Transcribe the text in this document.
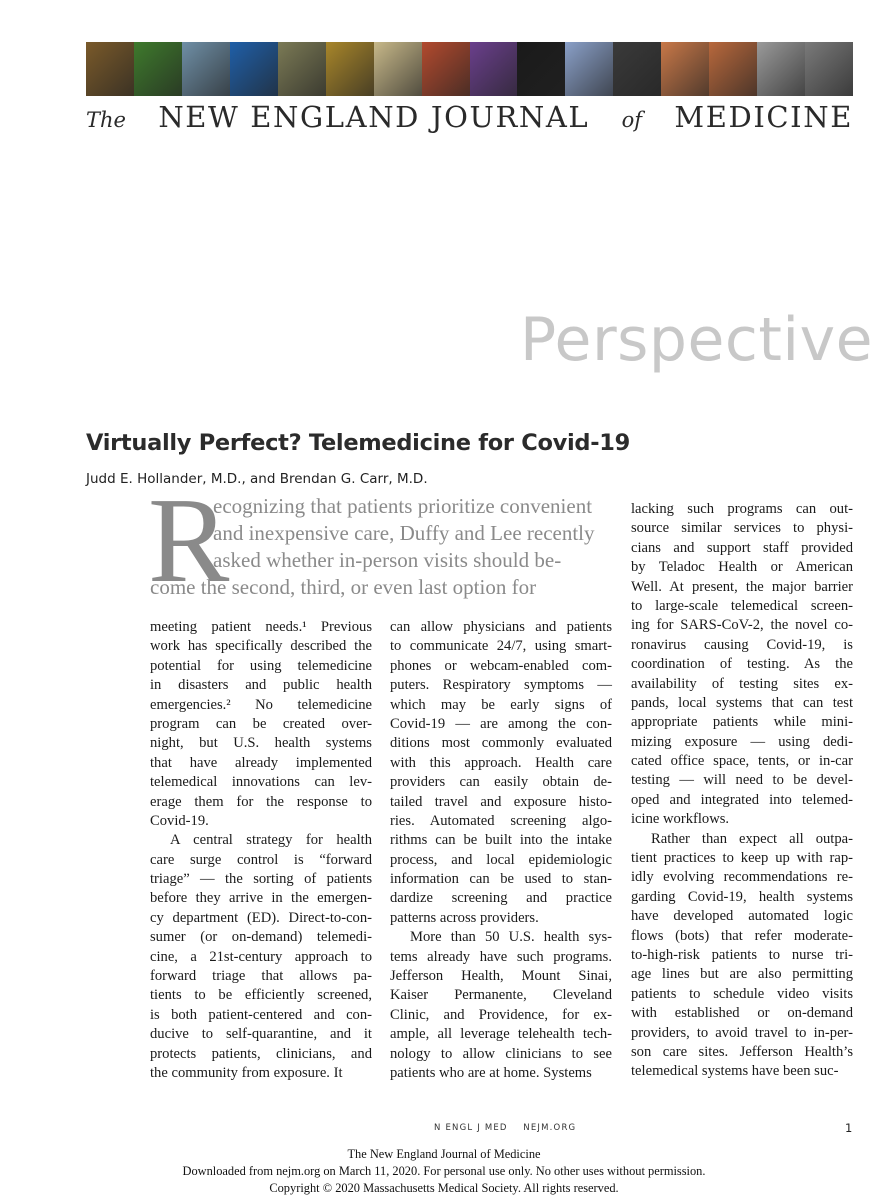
The NEW ENGLAND JOURNAL of MEDICINE
Perspective
Virtually Perfect? Telemedicine for Covid-19
Judd E. Hollander, M.D., and Brendan G. Carr, M.D.
R
ecognizing that patients prioritize convenient
and inexpensive care, Duffy and Lee recently
asked whether in-person visits should be-
come the second, third, or even last option for
meeting patient needs.¹ Previous
work has specifically described the
potential for using telemedicine
in disasters and public health
emergencies.² No telemedicine
program can be created over-
night, but U.S. health systems
that have already implemented
telemedical innovations can lev-
erage them for the response to
Covid-19.
A central strategy for health
care surge control is “forward
triage” — the sorting of patients
before they arrive in the emergen-
cy department (ED). Direct-to-con-
sumer (or on-demand) telemedi-
cine, a 21st-century approach to
forward triage that allows pa-
tients to be efficiently screened,
is both patient-centered and con-
ducive to self-quarantine, and it
protects patients, clinicians, and
the community from exposure. It
can allow physicians and patients
to communicate 24/7, using smart-
phones or webcam-enabled com-
puters. Respiratory symptoms —
which may be early signs of
Covid-19 — are among the con-
ditions most commonly evaluated
with this approach. Health care
providers can easily obtain de-
tailed travel and exposure histo-
ries. Automated screening algo-
rithms can be built into the intake
process, and local epidemiologic
information can be used to stan-
dardize screening and practice
patterns across providers.
More than 50 U.S. health sys-
tems already have such programs.
Jefferson Health, Mount Sinai,
Kaiser Permanente, Cleveland
Clinic, and Providence, for ex-
ample, all leverage telehealth tech-
nology to allow clinicians to see
patients who are at home. Systems
lacking such programs can out-
source similar services to physi-
cians and support staff provided
by Teladoc Health or American
Well. At present, the major barrier
to large-scale telemedical screen-
ing for SARS-CoV-2, the novel co-
ronavirus causing Covid-19, is
coordination of testing. As the
availability of testing sites ex-
pands, local systems that can test
appropriate patients while mini-
mizing exposure — using dedi-
cated office space, tents, or in-car
testing — will need to be devel-
oped and integrated into telemed-
icine workflows.
Rather than expect all outpa-
tient practices to keep up with rap-
idly evolving recommendations re-
garding Covid-19, health systems
have developed automated logic
flows (bots) that refer moderate-
to-high-risk patients to nurse tri-
age lines but are also permitting
patients to schedule video visits
with established or on-demand
providers, to avoid travel to in-per-
son care sites. Jefferson Health’s
telemedical systems have been suc-
N ENGL J MED    NEJM.ORG	1
The New England Journal of Medicine
Downloaded from nejm.org on March 11, 2020. For personal use only. No other uses without permission.
Copyright © 2020 Massachusetts Medical Society. All rights reserved.
